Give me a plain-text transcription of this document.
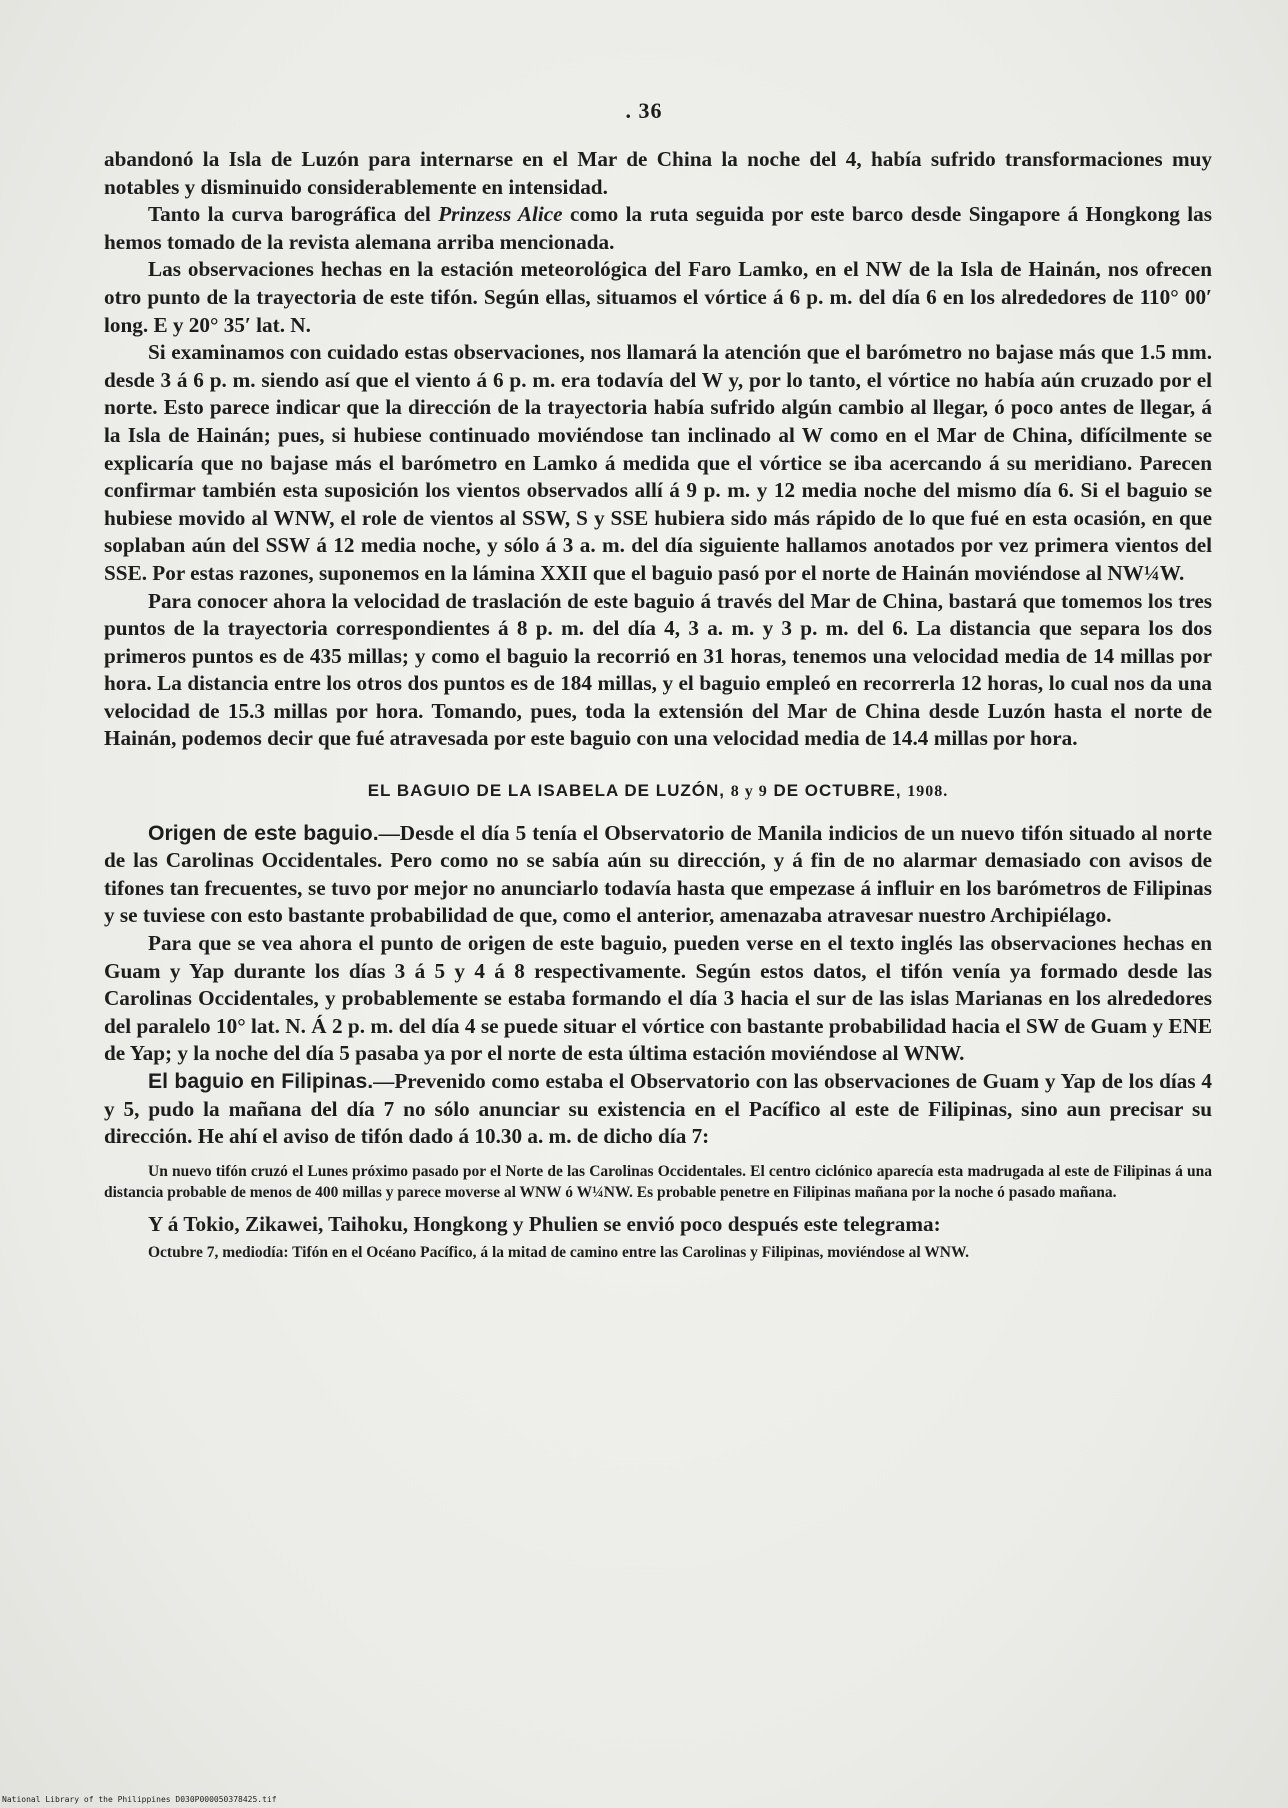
. 36

abandonó la Isla de Luzón para internarse en el Mar de China la noche del 4, había sufrido transformaciones muy notables y disminuido considerablemente en intensidad.

Tanto la curva barográfica del Prinzess Alice como la ruta seguida por este barco desde Singapore á Hongkong las hemos tomado de la revista alemana arriba mencionada.

Las observaciones hechas en la estación meteorológica del Faro Lamko, en el NW de la Isla de Hainán, nos ofrecen otro punto de la trayectoria de este tifón. Según ellas, situamos el vórtice á 6 p. m. del día 6 en los alrededores de 110° 00′ long. E y 20° 35′ lat. N.

Si examinamos con cuidado estas observaciones, nos llamará la atención que el barómetro no bajase más que 1.5 mm. desde 3 á 6 p. m. siendo así que el viento á 6 p. m. era todavía del W y, por lo tanto, el vórtice no había aún cruzado por el norte. Esto parece indicar que la dirección de la trayectoria había sufrido algún cambio al llegar, ó poco antes de llegar, á la Isla de Hainán; pues, si hubiese continuado moviéndose tan inclinado al W como en el Mar de China, difícilmente se explicaría que no bajase más el barómetro en Lamko á medida que el vórtice se iba acercando á su meridiano. Parecen confirmar también esta suposición los vientos observados allí á 9 p. m. y 12 media noche del mismo día 6. Si el baguio se hubiese movido al WNW, el role de vientos al SSW, S y SSE hubiera sido más rápido de lo que fué en esta ocasión, en que soplaban aún del SSW á 12 media noche, y sólo á 3 a. m. del día siguiente hallamos anotados por vez primera vientos del SSE. Por estas razones, suponemos en la lámina XXII que el baguio pasó por el norte de Hainán moviéndose al NW¼W.

Para conocer ahora la velocidad de traslación de este baguio á través del Mar de China, bastará que tomemos los tres puntos de la trayectoria correspondientes á 8 p. m. del día 4, 3 a. m. y 3 p. m. del 6. La distancia que separa los dos primeros puntos es de 435 millas; y como el baguio la recorrió en 31 horas, tenemos una velocidad media de 14 millas por hora. La distancia entre los otros dos puntos es de 184 millas, y el baguio empleó en recorrerla 12 horas, lo cual nos da una velocidad de 15.3 millas por hora. Tomando, pues, toda la extensión del Mar de China desde Luzón hasta el norte de Hainán, podemos decir que fué atravesada por este baguio con una velocidad media de 14.4 millas por hora.

EL BAGUIO DE LA ISABELA DE LUZÓN, 8 y 9 DE OCTUBRE, 1908.

Origen de este baguio.—Desde el día 5 tenía el Observatorio de Manila indicios de un nuevo tifón situado al norte de las Carolinas Occidentales. Pero como no se sabía aún su dirección, y á fin de no alarmar demasiado con avisos de tifones tan frecuentes, se tuvo por mejor no anunciarlo todavía hasta que empezase á influir en los barómetros de Filipinas y se tuviese con esto bastante probabilidad de que, como el anterior, amenazaba atravesar nuestro Archipiélago.

Para que se vea ahora el punto de origen de este baguio, pueden verse en el texto inglés las observaciones hechas en Guam y Yap durante los días 3 á 5 y 4 á 8 respectivamente. Según estos datos, el tifón venía ya formado desde las Carolinas Occidentales, y probablemente se estaba formando el día 3 hacia el sur de las islas Marianas en los alrededores del paralelo 10° lat. N. Á 2 p. m. del día 4 se puede situar el vórtice con bastante probabilidad hacia el SW de Guam y ENE de Yap; y la noche del día 5 pasaba ya por el norte de esta última estación moviéndose al WNW.

El baguio en Filipinas.—Prevenido como estaba el Observatorio con las observaciones de Guam y Yap de los días 4 y 5, pudo la mañana del día 7 no sólo anunciar su existencia en el Pacífico al este de Filipinas, sino aun precisar su dirección. He ahí el aviso de tifón dado á 10.30 a. m. de dicho día 7:

Un nuevo tifón cruzó el Lunes próximo pasado por el Norte de las Carolinas Occidentales. El centro ciclónico aparecía esta madrugada al este de Filipinas á una distancia probable de menos de 400 millas y parece moverse al WNW ó W¼NW. Es probable penetre en Filipinas mañana por la noche ó pasado mañana.

Y á Tokio, Zikawei, Taihoku, Hongkong y Phulien se envió poco después este telegrama:

Octubre 7, mediodía: Tifón en el Océano Pacífico, á la mitad de camino entre las Carolinas y Filipinas, moviéndose al WNW.

National Library of the Philippines D030P000050378425.tif
